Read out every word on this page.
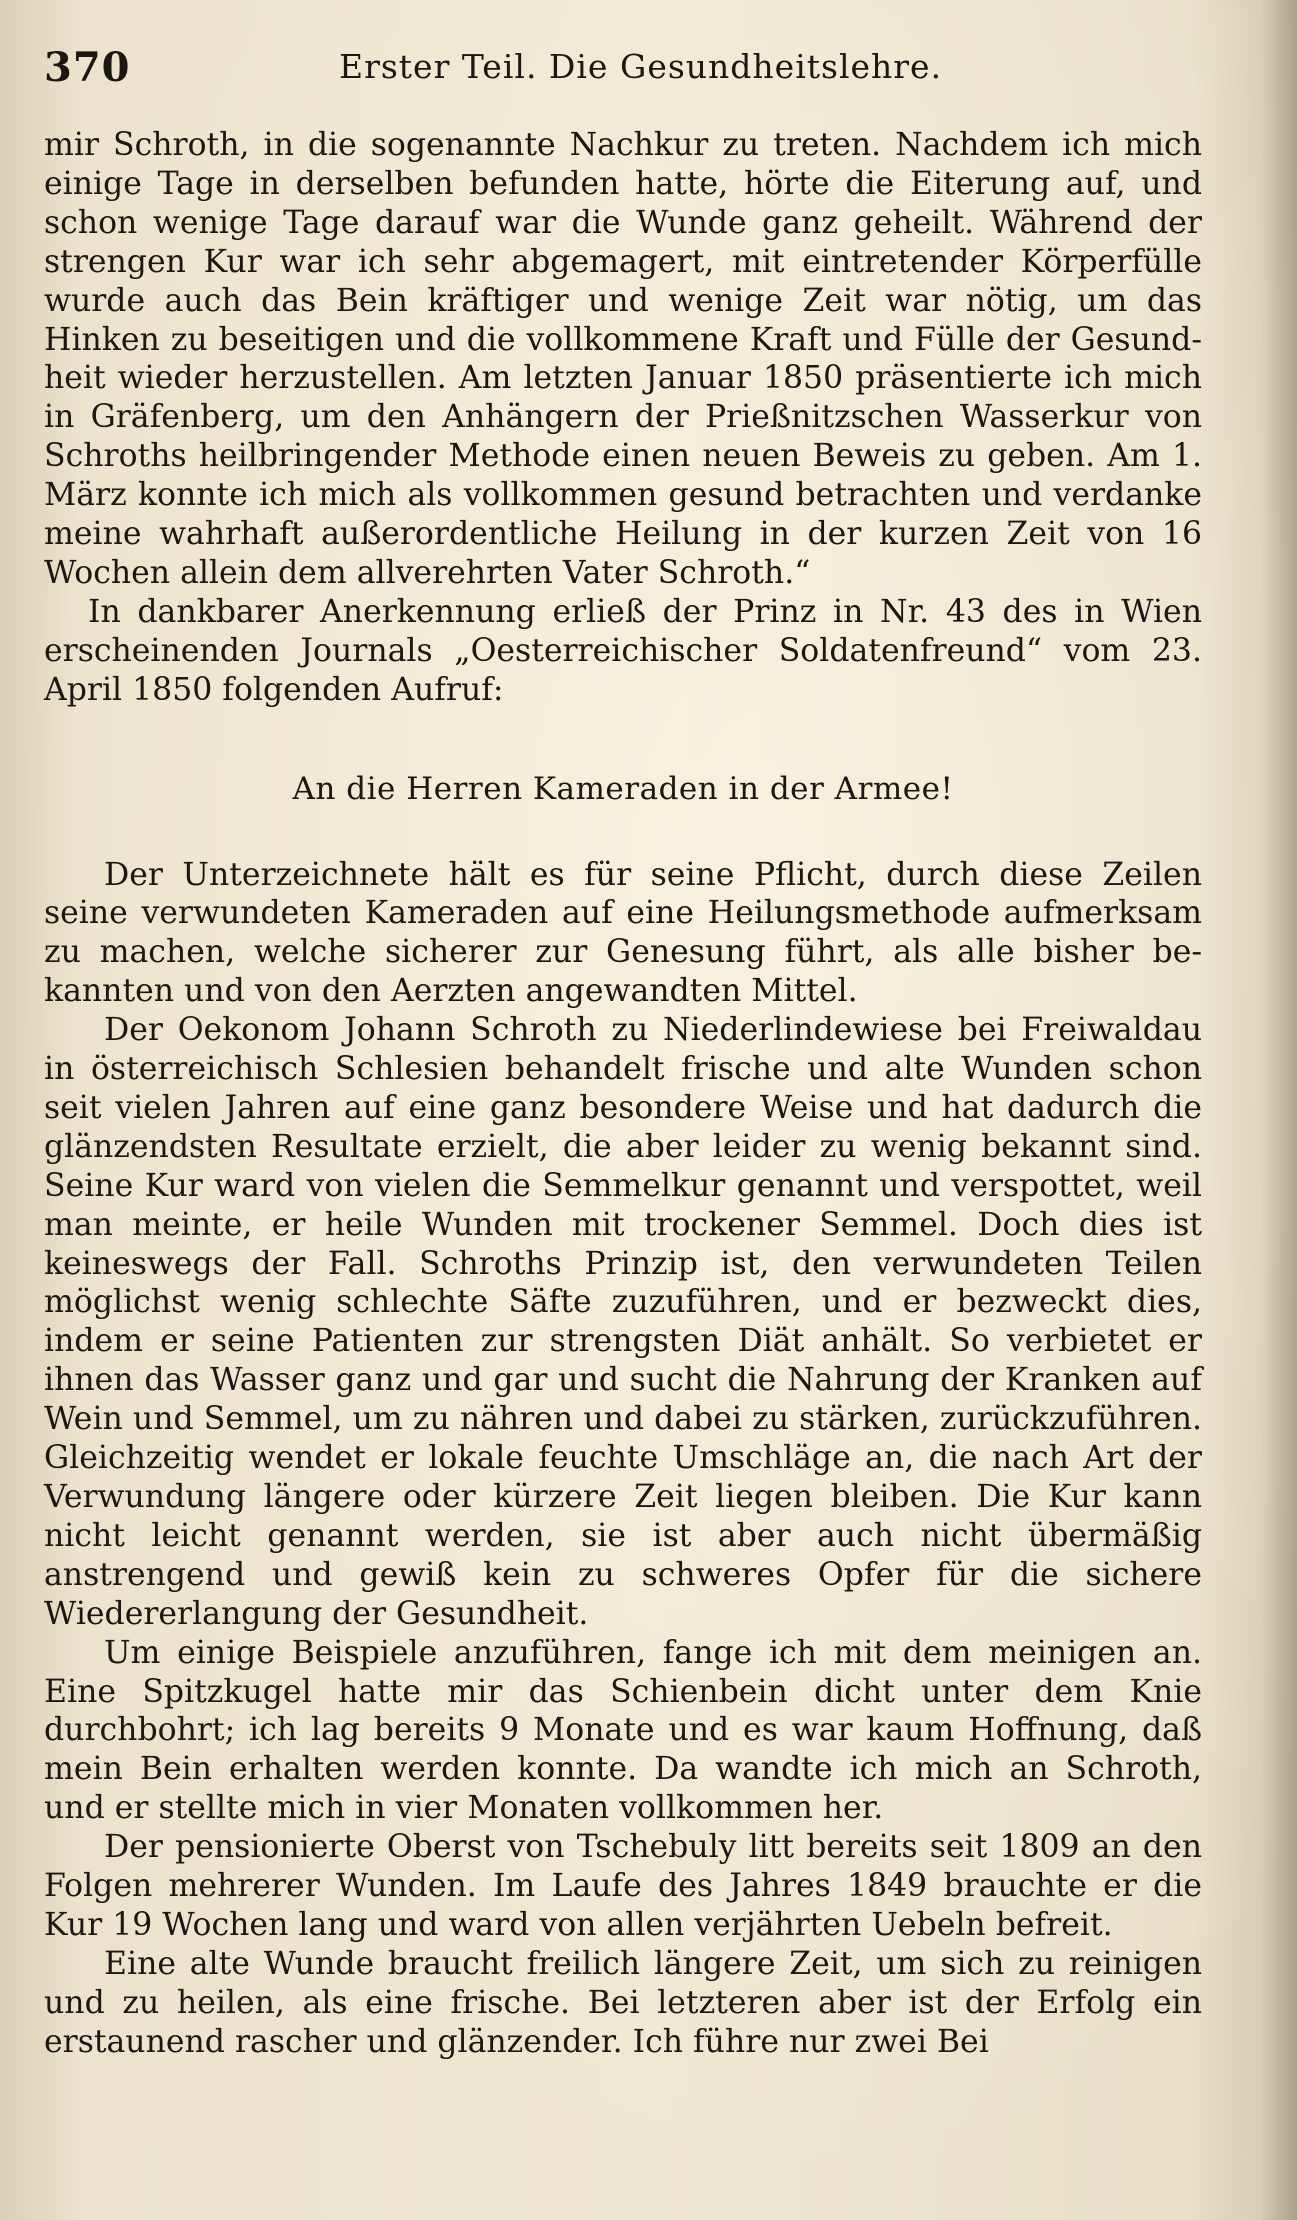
370	Erster Teil. Die Gesundheitslehre.

mir Schroth, in die sogenannte Nachkur zu treten. Nachdem ich mich einige Tage in derselben befunden hatte, hörte die Eiterung auf, und schon wenige Tage darauf war die Wunde ganz geheilt. Während der strengen Kur war ich sehr abgemagert, mit eintretender Körperfülle wurde auch das Bein kräftiger und wenige Zeit war nötig, um das Hinken zu beseitigen und die vollkommene Kraft und Fülle der Gesundheit wieder herzustellen. Am letzten Januar 1850 präsentierte ich mich in Gräfenberg, um den Anhängern der Prießnitzschen Wasserkur von Schroths heilbringender Methode einen neuen Beweis zu geben. Am 1. März konnte ich mich als vollkommen gesund betrachten und verdanke meine wahrhaft außerordentliche Heilung in der kurzen Zeit von 16 Wochen allein dem allverehrten Vater Schroth.“

In dankbarer Anerkennung erließ der Prinz in Nr. 43 des in Wien erscheinenden Journals „Oesterreichischer Soldatenfreund“ vom 23. April 1850 folgenden Aufruf:

An die Herren Kameraden in der Armee!

Der Unterzeichnete hält es für seine Pflicht, durch diese Zeilen seine verwundeten Kameraden auf eine Heilungsmethode aufmerksam zu machen, welche sicherer zur Genesung führt, als alle bisher bekannten und von den Aerzten angewandten Mittel.

Der Oekonom Johann Schroth zu Niederlindewiese bei Freiwaldau in österreichisch Schlesien behandelt frische und alte Wunden schon seit vielen Jahren auf eine ganz besondere Weise und hat dadurch die glänzendsten Resultate erzielt, die aber leider zu wenig bekannt sind. Seine Kur ward von vielen die Semmelkur genannt und verspottet, weil man meinte, er heile Wunden mit trockener Semmel. Doch dies ist keineswegs der Fall. Schroths Prinzip ist, den verwundeten Teilen möglichst wenig schlechte Säfte zuzuführen, und er bezweckt dies, indem er seine Patienten zur strengsten Diät anhält. So verbietet er ihnen das Wasser ganz und gar und sucht die Nahrung der Kranken auf Wein und Semmel, um zu nähren und dabei zu stärken, zurückzuführen. Gleichzeitig wendet er lokale feuchte Umschläge an, die nach Art der Verwundung längere oder kürzere Zeit liegen bleiben. Die Kur kann nicht leicht genannt werden, sie ist aber auch nicht übermäßig anstrengend und gewiß kein zu schweres Opfer für die sichere Wiedererlangung der Gesundheit.

Um einige Beispiele anzuführen, fange ich mit dem meinigen an. Eine Spitzkugel hatte mir das Schienbein dicht unter dem Knie durchbohrt; ich lag bereits 9 Monate und es war kaum Hoffnung, daß mein Bein erhalten werden konnte. Da wandte ich mich an Schroth, und er stellte mich in vier Monaten vollkommen her.

Der pensionierte Oberst von Tschebuly litt bereits seit 1809 an den Folgen mehrerer Wunden. Im Laufe des Jahres 1849 brauchte er die Kur 19 Wochen lang und ward von allen verjährten Uebeln befreit.

Eine alte Wunde braucht freilich längere Zeit, um sich zu reinigen und zu heilen, als eine frische. Bei letzteren aber ist der Erfolg ein erstaunend rascher und glänzender. Ich führe nur zwei Bei
